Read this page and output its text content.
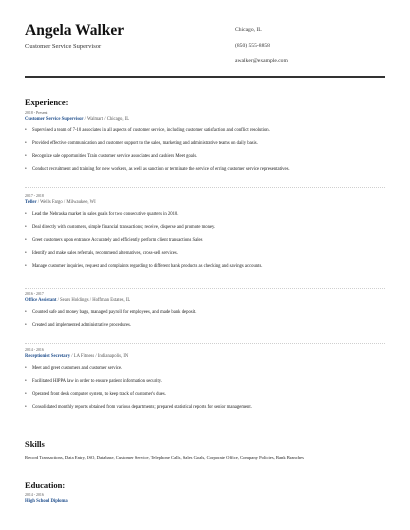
Angela Walker
Customer Service Supervisor
Chicago, IL
(850) 555-8858
awalker@example.com
Experience:
2018 - Present
Customer Service Supervisor / Walmart / Chicago, IL
• Supervised a team of 7-10 associates in all aspects of customer service, including customer satisfaction and conflict resolution.
• Provided effective communication and customer support to the sales, marketing and administrative teams on daily basis.
• Recognize sale opportunities Train customer service associates and cashiers Meet goals.
• Conduct recruitment and training for new workers, as well as sanction or terminate the service of erring customer service representatives.
2017 - 2018
Teller / Wells Fargo / Milwaukee, WI
• Lead the Nebraska market in sales goals for two consecutive quarters in 2010.
• Deal directly with customers, simple financial transactions; receive, disperse and promote money.
• Greet customers upon entrance Accurately and efficiently perform client transactions Sales
• Identify and make sales referrals, recommend alternatives, cross-sell services.
• Manage customer inquiries, request and complaints regarding to different bank products as checking and savings accounts.
2016 - 2017
Office Assistant / Sears Holdings / Hoffman Estates, IL
• Counted safe and money bags, managed payroll for employees, and made bank deposit.
• Created and implemented administrative procedures.
2014 - 2016
Receptionist Secretary / LA Fitness / Indianapolis, IN
• Meet and greet customers and customer service.
• Facilitated HIPPA law in order to ensure patient information security.
• Operated front desk computer system, to keep track of customer's dues.
• Consolidated monthly reports obtained from various departments; prepared statistical reports for senior management.
Skills
Record Transactions, Data Entry, ISO, Database, Customer Service, Telephone Calls, Sales Goals, Corporate Office, Company Policies, Bank Branches
Education:
2014 - 2016
High School Diploma
